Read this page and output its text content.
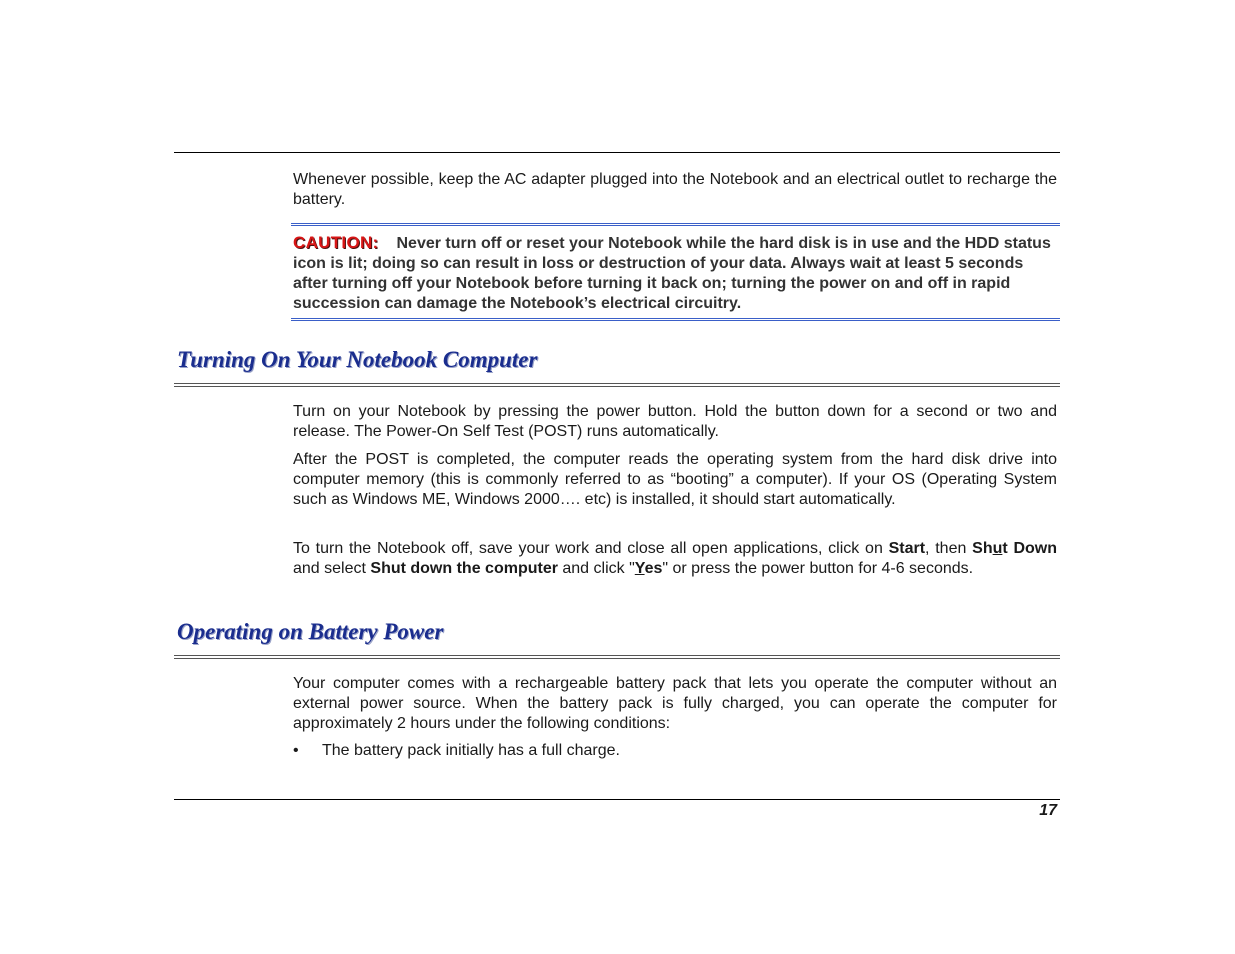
Whenever possible, keep the AC adapter plugged into the Notebook and an electrical outlet to recharge the battery.

CAUTION: Never turn off or reset your Notebook while the hard disk is in use and the HDD status icon is lit; doing so can result in loss or destruction of your data. Always wait at least 5 seconds after turning off your Notebook before turning it back on; turning the power on and off in rapid succession can damage the Notebook’s electrical circuitry.

Turning On Your Notebook Computer

Turn on your Notebook by pressing the power button. Hold the button down for a second or two and release. The Power-On Self Test (POST) runs automatically.

After the POST is completed, the computer reads the operating system from the hard disk drive into computer memory (this is commonly referred to as “booting” a computer). If your OS (Operating System such as Windows ME, Windows 2000…. etc) is installed, it should start automatically.

To turn the Notebook off, save your work and close all open applications, click on Start, then Shut Down and select Shut down the computer and click "Yes" or press the power button for 4-6 seconds.

Operating on Battery Power

Your computer comes with a rechargeable battery pack that lets you operate the computer without an external power source. When the battery pack is fully charged, you can operate the computer for approximately 2 hours under the following conditions:

•	The battery pack initially has a full charge.
17
